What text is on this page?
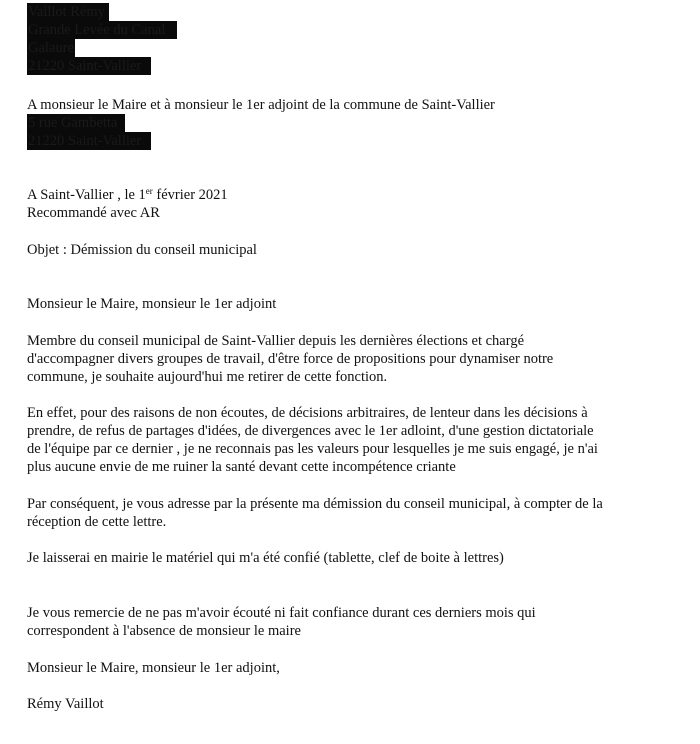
Vaillot Rémy
Grande Levée du Canal
Galaure
21220 Saint-Vallier
A monsieur le Maire et à monsieur le 1er adjoint de la commune de Saint-Vallier
5 rue Gambetta
21220 Saint-Vallier
A Saint-Vallier , le 1er février 2021
Recommandé avec AR
Objet : Démission du conseil municipal
Monsieur le Maire, monsieur le 1er adjoint
Membre du conseil municipal de Saint-Vallier depuis les dernières élections et chargé
d'accompagner divers groupes de travail, d'être force de propositions pour dynamiser notre
commune, je souhaite aujourd'hui me retirer de cette fonction.
En effet, pour des raisons de non écoutes, de décisions arbitraires, de lenteur dans les décisions à
prendre, de refus de partages d'idées, de divergences avec le 1er adloint, d'une gestion dictatoriale
de l'équipe par ce dernier , je ne reconnais pas les valeurs pour lesquelles je me suis engagé, je n'ai
plus aucune envie de me ruiner la santé devant cette incompétence criante
Par conséquent, je vous adresse par la présente ma démission du conseil municipal, à compter de la
réception de cette lettre.
Je laisserai en mairie le matériel qui m'a été confié (tablette, clef de boite à lettres)
Je vous remercie de ne pas m'avoir écouté ni fait confiance durant ces derniers mois qui
correspondent à l'absence de monsieur le maire
Monsieur le Maire, monsieur le 1er adjoint,
Rémy Vaillot
